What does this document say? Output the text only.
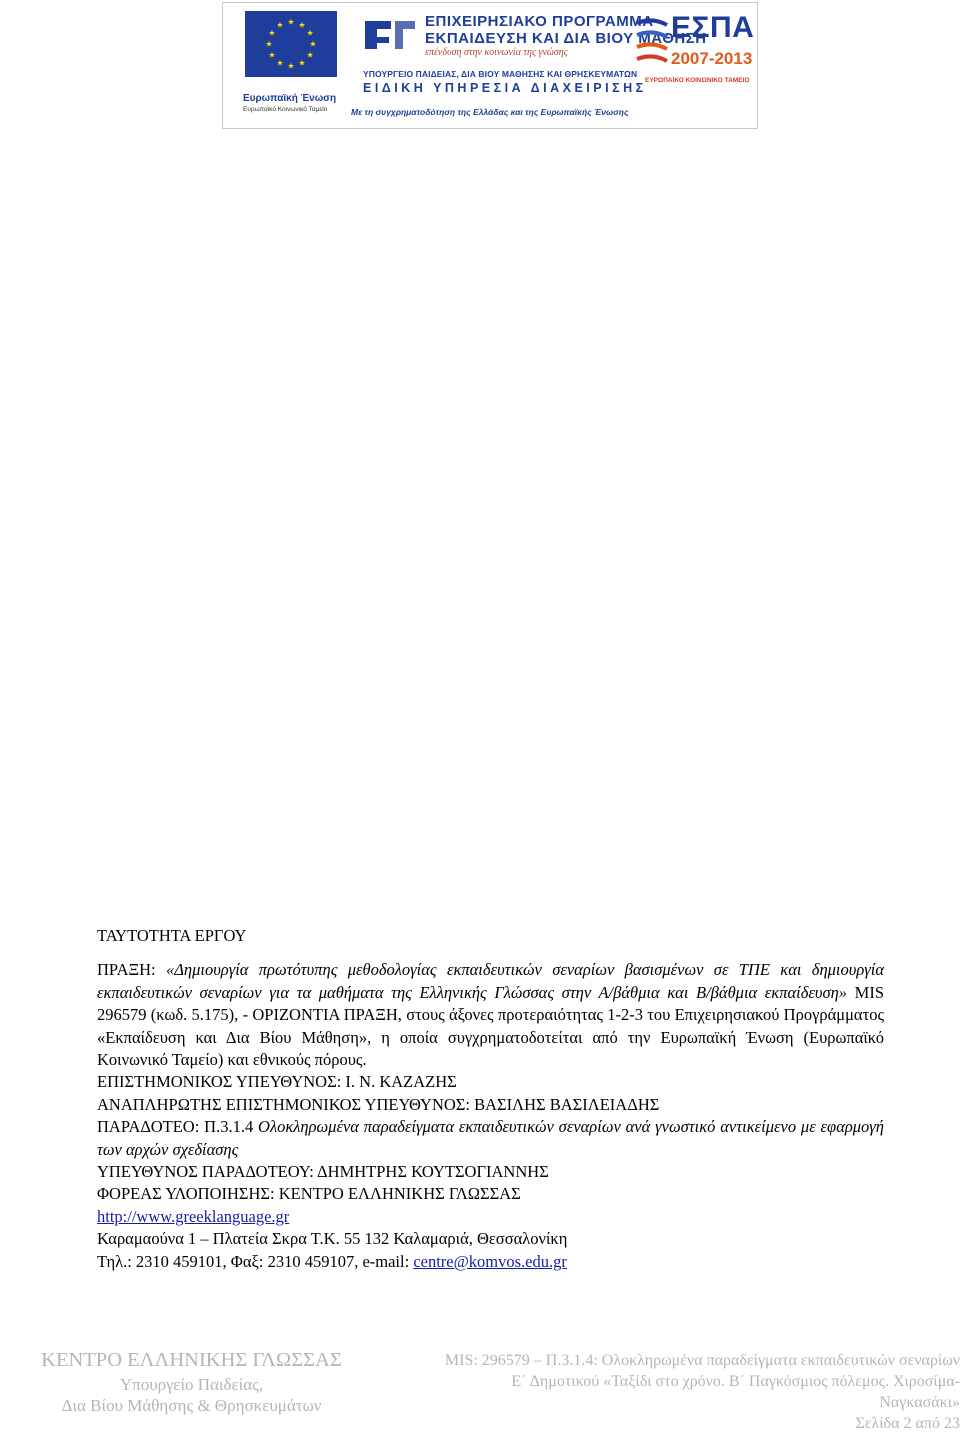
★ ★
★
★
★
★
★
★
★
★
★
★
Ευρωπαϊκή Ένωση
Ευρωπαϊκό Κοινωνικό Ταμείο
ΕΠΙΧΕΙΡΗΣΙΑΚΟ ΠΡΟΓΡΑΜΜΑ
ΕΚΠΑΙΔΕΥΣΗ ΚΑΙ ΔΙΑ ΒΙΟΥ ΜΑΘΗΣΗ
επένδυση στην κοινωνία της γνώσης
ΥΠΟΥΡΓΕΙΟ ΠΑΙΔΕΙΑΣ, ΔΙΑ ΒΙΟΥ ΜΑΘΗΣΗΣ ΚΑΙ ΘΡΗΣΚΕΥΜΑΤΩΝ
ΕΙΔΙΚΗ ΥΠΗΡΕΣΙΑ ΔΙΑΧΕΙΡΙΣΗΣ
Με τη συγχρηματοδότηση της Ελλάδας και της Ευρωπαϊκής Ένωσης
ΕΣΠΑ
2007-2013
ΕΥΡΩΠΑΪΚΟ ΚΟΙΝΩΝΙΚΟ ΤΑΜΕΙΟ

ΤΑΥΤΟΤΗΤΑ ΕΡΓΟΥ

ΠΡΑΞΗ: «Δημιουργία πρωτότυπης μεθοδολογίας εκπαιδευτικών σεναρίων βασισμένων σε ΤΠΕ και δημιουργία εκπαιδευτικών σεναρίων για τα μαθήματα της Ελληνικής Γλώσσας στην Α/βάθμια και Β/βάθμια εκπαίδευση» MIS 296579 (κωδ. 5.175), - ΟΡΙΖΟΝΤΙΑ ΠΡΑΞΗ, στους άξονες προτεραιότητας 1-2-3 του Επιχειρησιακού Προγράμματος «Εκπαίδευση και Δια Βίου Μάθηση», η οποία συγχρηματοδοτείται από την Ευρωπαϊκή Ένωση (Ευρωπαϊκό Κοινωνικό Ταμείο) και εθνικούς πόρους.

ΕΠΙΣΤΗΜΟΝΙΚΟΣ ΥΠΕΥΘΥΝΟΣ: Ι. Ν. ΚΑΖΑΖΗΣ

ΑΝΑΠΛΗΡΩΤΗΣ ΕΠΙΣΤΗΜΟΝΙΚΟΣ ΥΠΕΥΘΥΝΟΣ: ΒΑΣΙΛΗΣ ΒΑΣΙΛΕΙΑΔΗΣ

ΠΑΡΑΔΟΤΕΟ: Π.3.1.4 Ολοκληρωμένα παραδείγματα εκπαιδευτικών σεναρίων ανά γνωστικό αντικείμενο με εφαρμογή των αρχών σχεδίασης

ΥΠΕΥΘΥΝΟΣ ΠΑΡΑΔΟΤΕΟΥ: ΔΗΜΗΤΡΗΣ ΚΟΥΤΣΟΓΙΑΝΝΗΣ

ΦΟΡΕΑΣ ΥΛΟΠΟΙΗΣΗΣ: ΚΕΝΤΡΟ ΕΛΛΗΝΙΚΗΣ ΓΛΩΣΣΑΣ

http://www.greeklanguage.gr

Καραμαούνα 1 – Πλατεία Σκρα Τ.Κ. 55 132 Καλαμαριά, Θεσσαλονίκη

Τηλ.: 2310 459101, Φαξ: 2310 459107, e-mail: centre@komvos.edu.gr

ΚΕΝΤΡΟ ΕΛΛΗΝΙΚΗΣ ΓΛΩΣΣΑΣ
Υπουργείο Παιδείας,
Δια Βίου Μάθησης & Θρησκευμάτων
MIS: 296579 – Π.3.1.4: Ολοκληρωμένα παραδείγματα εκπαιδευτικών σεναρίων
Ε΄ Δημοτικού «Ταξίδι στο χρόνο. Β΄ Παγκόσμιος πόλεμος. Χιροσίμα-
Ναγκασάκι»
Σελίδα 2 από 23
